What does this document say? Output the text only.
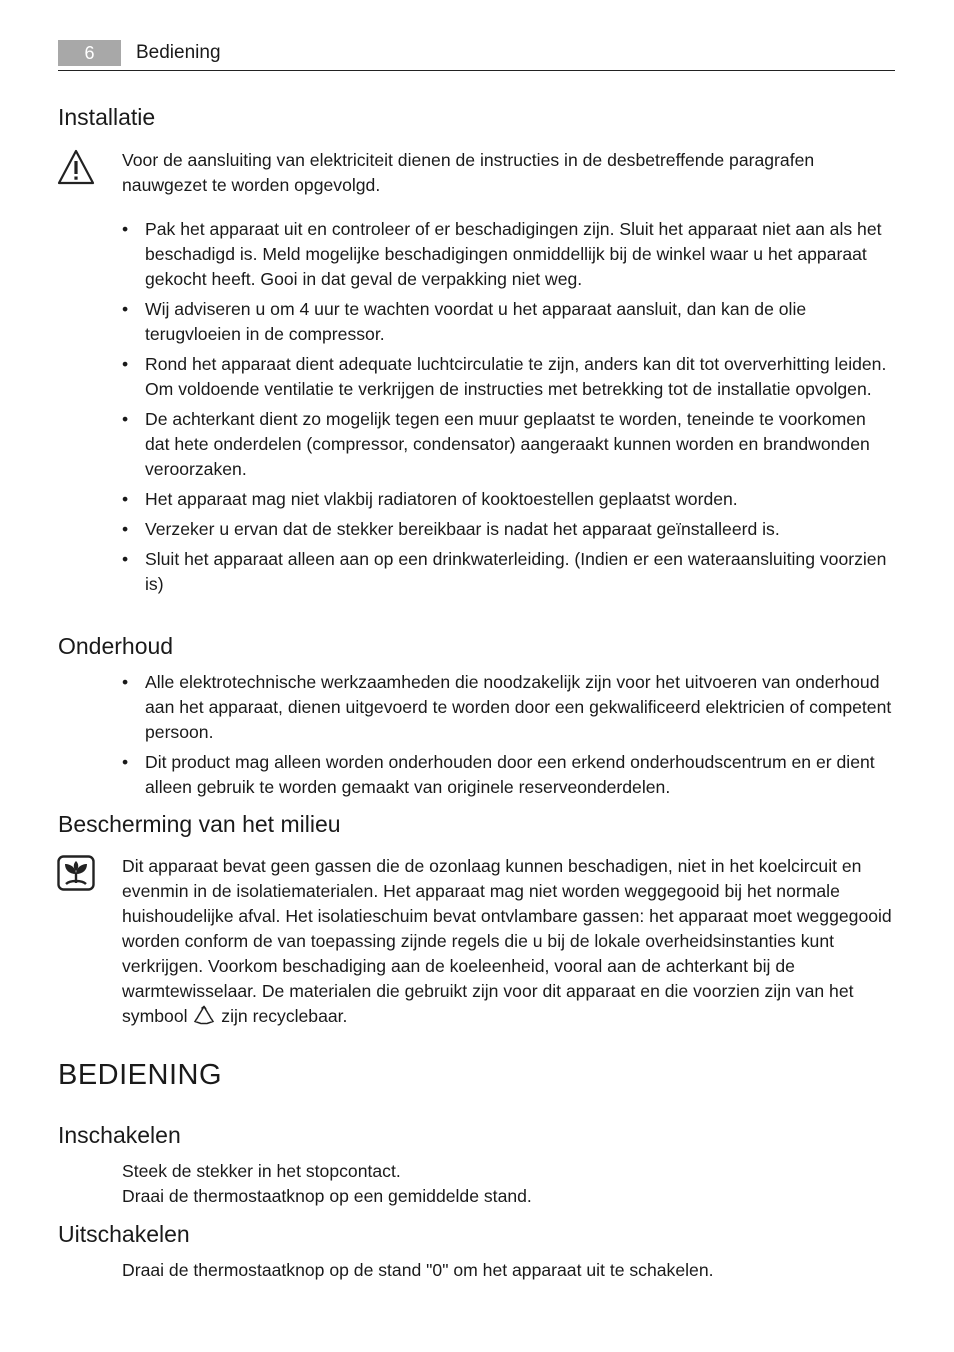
6	Bediening
Installatie

Voor de aansluiting van elektriciteit dienen de instructies in de desbetreffende paragrafen nauwgezet te worden opgevolgd.

• Pak het apparaat uit en controleer of er beschadigingen zijn. Sluit het apparaat niet aan als het beschadigd is. Meld mogelijke beschadigingen onmiddellijk bij de winkel waar u het apparaat gekocht heeft. Gooi in dat geval de verpakking niet weg.
• Wij adviseren u om 4 uur te wachten voordat u het apparaat aansluit, dan kan de olie terugvloeien in de compressor.
• Rond het apparaat dient adequate luchtcirculatie te zijn, anders kan dit tot oververhitting leiden. Om voldoende ventilatie te verkrijgen de instructies met betrekking tot de installatie opvolgen.
• De achterkant dient zo mogelijk tegen een muur geplaatst te worden, teneinde te voorkomen dat hete onderdelen (compressor, condensator) aangeraakt kunnen worden en brandwonden veroorzaken.
• Het apparaat mag niet vlakbij radiatoren of kooktoestellen geplaatst worden.
• Verzeker u ervan dat de stekker bereikbaar is nadat het apparaat geïnstalleerd is.
• Sluit het apparaat alleen aan op een drinkwaterleiding. (Indien er een wateraansluiting voorzien is)
Onderhoud
• Alle elektrotechnische werkzaamheden die noodzakelijk zijn voor het uitvoeren van onderhoud aan het apparaat, dienen uitgevoerd te worden door een gekwalificeerd elektricien of competent persoon.
• Dit product mag alleen worden onderhouden door een erkend onderhoudscentrum en er dient alleen gebruik te worden gemaakt van originele reserveonderdelen.
Bescherming van het milieu

Dit apparaat bevat geen gassen die de ozonlaag kunnen beschadigen, niet in het koelcircuit en evenmin in de isolatiematerialen. Het apparaat mag niet worden weggegooid bij het normale huishoudelijke afval. Het isolatieschuim bevat ontvlambare gassen: het apparaat moet weggegooid worden conform de van toepassing zijnde regels die u bij de lokale overheidsinstanties kunt verkrijgen. Voorkom beschadiging aan de koeleenheid, vooral aan de achterkant bij de warmtewisselaar. De materialen die gebruikt zijn voor dit apparaat en die voorzien zijn van het symbool zijn recyclebaar.

BEDIENING
Inschakelen
Steek de stekker in het stopcontact.
Draai de thermostaatknop op een gemiddelde stand.
Uitschakelen

Draai de thermostaatknop op de stand "0" om het apparaat uit te schakelen.
